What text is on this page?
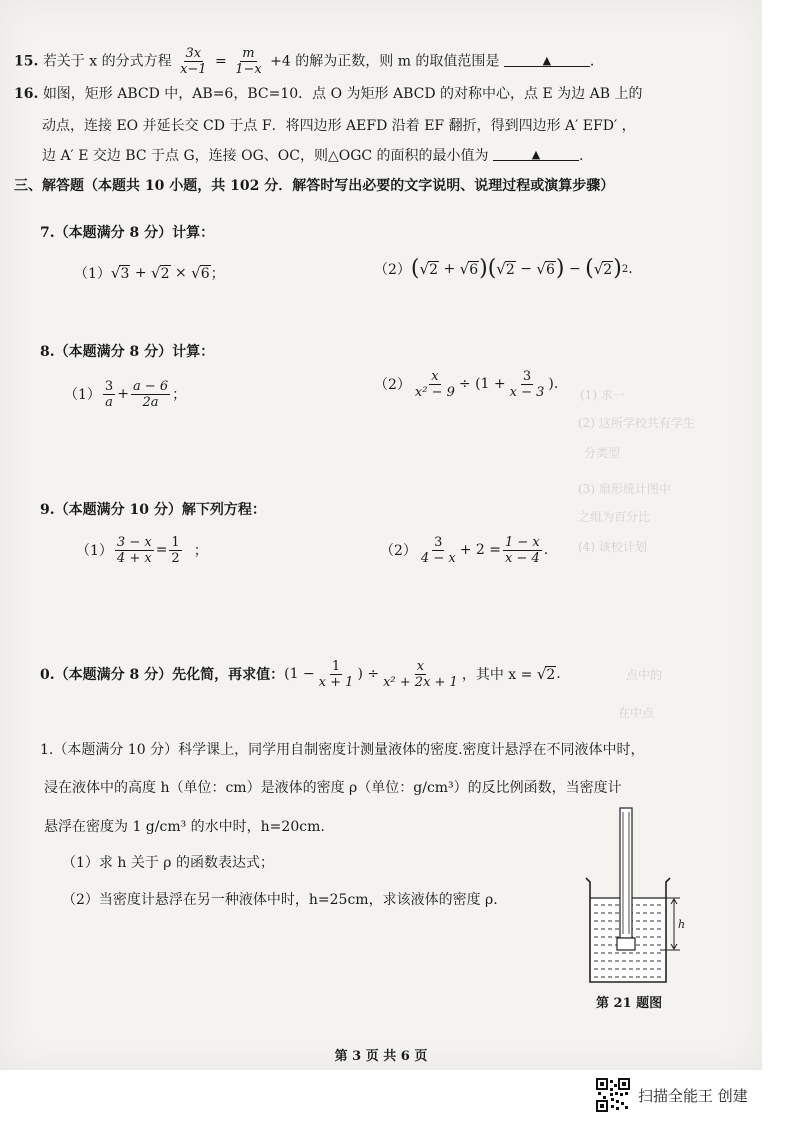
(1) 求一
(2) 这所学校共有学生
分类型
(3) 扇形统计图中
之组为百分比
(4) 该校计划
点中的
在中点
15. 若关于 x 的分式方程 $\frac{3x}{x-1} = \frac{m}{1-x} +4$ 的解为正数，则 m 的取值范围是	▲	.
16. 如图，矩形 ABCD 中，AB=6，BC=10．点 O 为矩形 ABCD 的对称中心，点 E 为边 AB 上的
动点，连接 EO 并延长交 CD 于点 F．将四边形 AEFD 沿着 EF 翻折，得到四边形 A′ EFD′ ，
边 A′ E 交边 BC 于点 G，连接 OG、OC，则△OGC 的面积的最小值为	▲	.
三、解答题（本题共 10 小题，共 102 分．解答时写出必要的文字说明、说理过程或演算步骤）
7.（本题满分 8 分）计算：
（1） √ 3 + √ 2 × √ 6 ；	（2） ( √ 2 + √ 6 )( √ 2 − √ 6 ) − ( √ 2 ) 2 .
8.（本题满分 8 分）计算：
$(1) \frac{3}{a} + \frac{a - 6}{2a}$ ；
$(2) \frac{x}{\text{x² − 9}} \div (1 + \frac{3}{x - 3}$ ).
9.（本题满分 10 分）解下列方程：
$(1) \frac{3 - x}{4 + x} = \frac{1}{2}$ ；	$(2) \frac{3}{4 - x} + 2 = \frac{1 - x}{x - 4}$ .
0.（本题满分 8 分）先化简，再求值： ($1 - \frac{1}{x + 1}$ ) ÷ $\frac{x}{\text{x² + 2x + 1}}$ ，其中 x =
√ 2 .
1.（本题满分 10 分）科学课上，同学用自制密度计测量液体的密度.密度计悬浮在不同液体中时，
浸在液体中的高度 h（单位：cm）是液体的密度 ρ（单位：g/cm³）的反比例函数，当密度计
悬浮在密度为 1 g/cm³ 的水中时，h=20cm.
（1）求 h 关于 ρ 的函数表达式；
（2）当密度计悬浮在另一种液体中时，h=25cm，求该液体的密度 ρ.
h
第 21 题图
第 3 页 共 6 页
扫描全能王 创建
